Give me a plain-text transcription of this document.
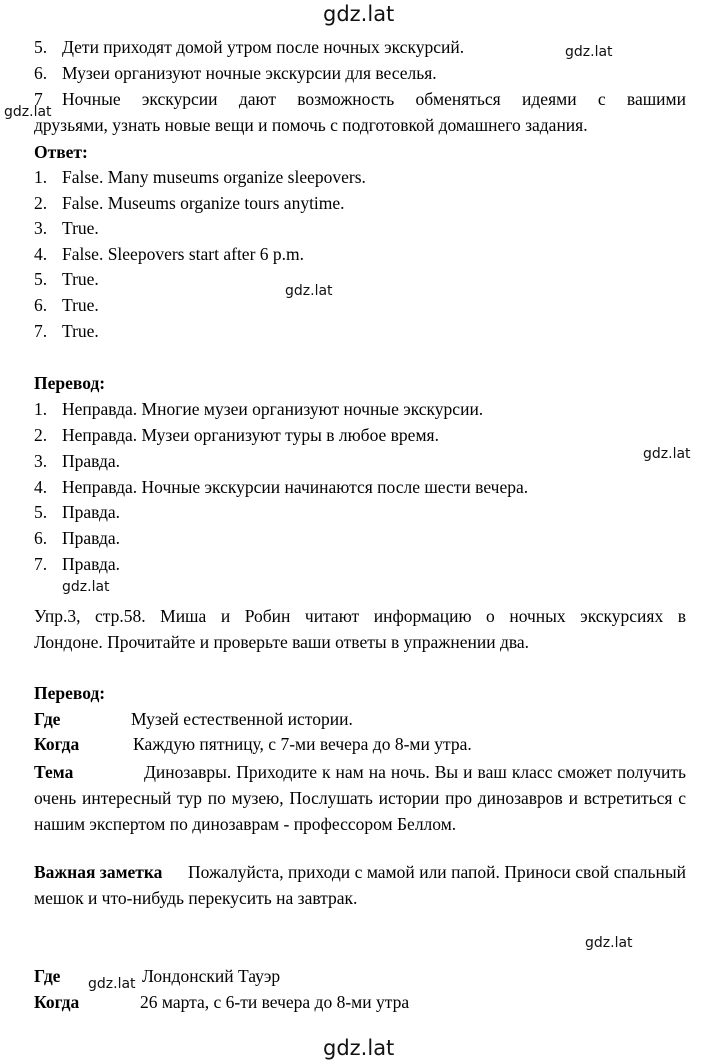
gdz.lat
gdz.lat
gdz.lat
gdz.lat
gdz.lat
gdz.lat
gdz.lat
gdz.lat
gdz.lat
5. Дети приходят домой утром после ночных экскурсий.
6. Музеи организуют ночные экскурсии для веселья.
7 Ночные экскурсии дают возможность обменяться идеями с вашими
друзьями, узнать новые вещи и помочь с подготовкой домашнего задания.
Ответ:
1. False. Many museums organize sleepovers.
2. False. Museums organize tours anytime.
3. True.
4. False. Sleepovers start after 6 p.m.
5. True.
6. True.
7. True.
Перевод:
1. Неправда. Многие музеи организуют ночные экскурсии.
2. Неправда. Музеи организуют туры в любое время.
3. Правда.
4. Неправда. Ночные экскурсии начинаются после шести вечера.
5. Правда.
6. Правда.
7. Правда.
Упр.3, стр.58. Миша и Робин читают информацию о ночных экскурсиях в
Лондоне. Прочитайте и проверьте ваши ответы в упражнении два.
Перевод:
Где	Музей естественной истории.
Когда	Каждую пятницу, с 7-ми вечера до 8-ми утра.
Тема	Динозавры. Приходите к нам на ночь. Вы и ваш класс сможет получить очень интересный тур по музею, Послушать истории про динозавров и встретиться с нашим экспертом по динозаврам - профессором Беллом.
Важная заметка Пожалуйста, приходи с мамой или папой. Приноси свой спальный мешок и что-нибудь перекусить на завтрак.
Где	Лондонский Тауэр
Когда	26 марта, с 6-ти вечера до 8-ми утра
